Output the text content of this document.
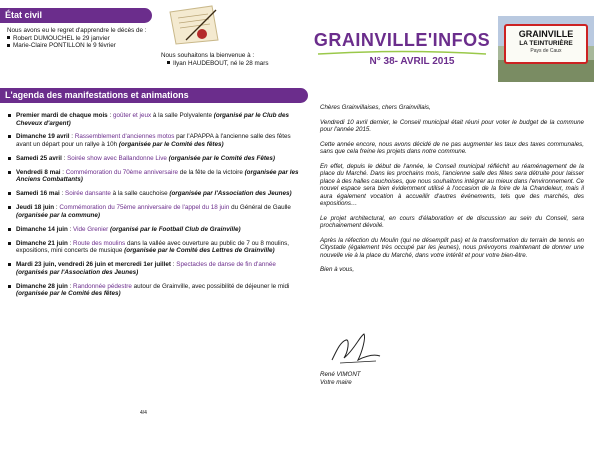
État civil
Nous avons eu le regret d'apprendre le décès de :
Robert DUMOUCHEL le 29 janvier
Marie-Claire PONTILLON le 9 février
Nous souhaitons la bienvenue à :
Ilyan HAUDEBOUT, né le 28 mars
GRAINVILLE'INFOS
N° 38- AVRIL 2015
GRAINVILLE
LA TEINTURIÈRE
Pays de Caux
L'agenda des manifestations et animations
Premier mardi de chaque mois : goûter et jeux à la salle Polyvalente (organisé par le Club des Cheveux d'argent)
Dimanche 19 avril : Rassemblement d'anciennes motos par l'APAPPA à l'ancienne salle des fêtes avant un départ pour un rallye à 10h (organisée par le Comité des fêtes)
Samedi 25 avril : Soirée show avec Ballandonne Live (organisée par le Comité des Fêtes)
Vendredi 8 mai : Commémoration du 70ème anniversaire de la fête de la victoire (organisée par les Anciens Combattants)
Samedi 16 mai : Soirée dansante à la salle cauchoise (organisée par l'Association des Jeunes)
Jeudi 18 juin : Commémoration du 75ème anniversaire de l'appel du 18 juin du Général de Gaulle (organisée par la commune)
Dimanche 14 juin : Vide Grenier (organisé par le Football Club de Grainville)
Dimanche 21 juin : Route des moulins dans la vallée avec ouverture au public de 7 ou 8 moulins, expositions, mini concerts de musique (organisée par le Comité des Lettres de Grainville)
Mardi 23 juin, vendredi 26 juin et mercredi 1er juillet : Spectacles de danse de fin d'année (organisés par l'Association des Jeunes)
Dimanche 28 juin : Randonnée pédestre autour de Grainville, avec possibilité de déjeuner le midi (organisée par le Comité des fêtes)

Chères Grainvillaises, chers Grainvillais,

Vendredi 10 avril dernier, le Conseil municipal était réuni pour voter le budget de la commune pour l'année 2015.

Cette année encore, nous avons décidé de ne pas augmenter les taux des taxes communales, sans que cela freine les projets dans notre commune.

En effet, depuis le début de l'année, le Conseil municipal réfléchit au réaménagement de la place du Marché. Dans les prochains mois, l'ancienne salle des fêtes sera détruite pour laisser place à des halles cauchoises, que nous souhaitons intégrer au mieux dans l'environnement. Ce nouvel espace sera bien évidemment utilisé à l'occasion de la foire de la Chandeleur, mais il aura également vocation à accueillir d'autres événements, tels que des marchés, des expositions…

Le projet architectural, en cours d'élaboration et de discussion au sein du Conseil, sera prochainement dévoilé.

Après la réfection du Moulin (qui ne désemplit pas) et la transformation du terrain de tennis en Citystade (également très occupé par les jeunes), nous prévoyons maintenant de donner une nouvelle vie à la place du Marché, dans votre intérêt et pour votre bien-être.

Bien à vous,

René VIMONT
Votre maire
4/4
